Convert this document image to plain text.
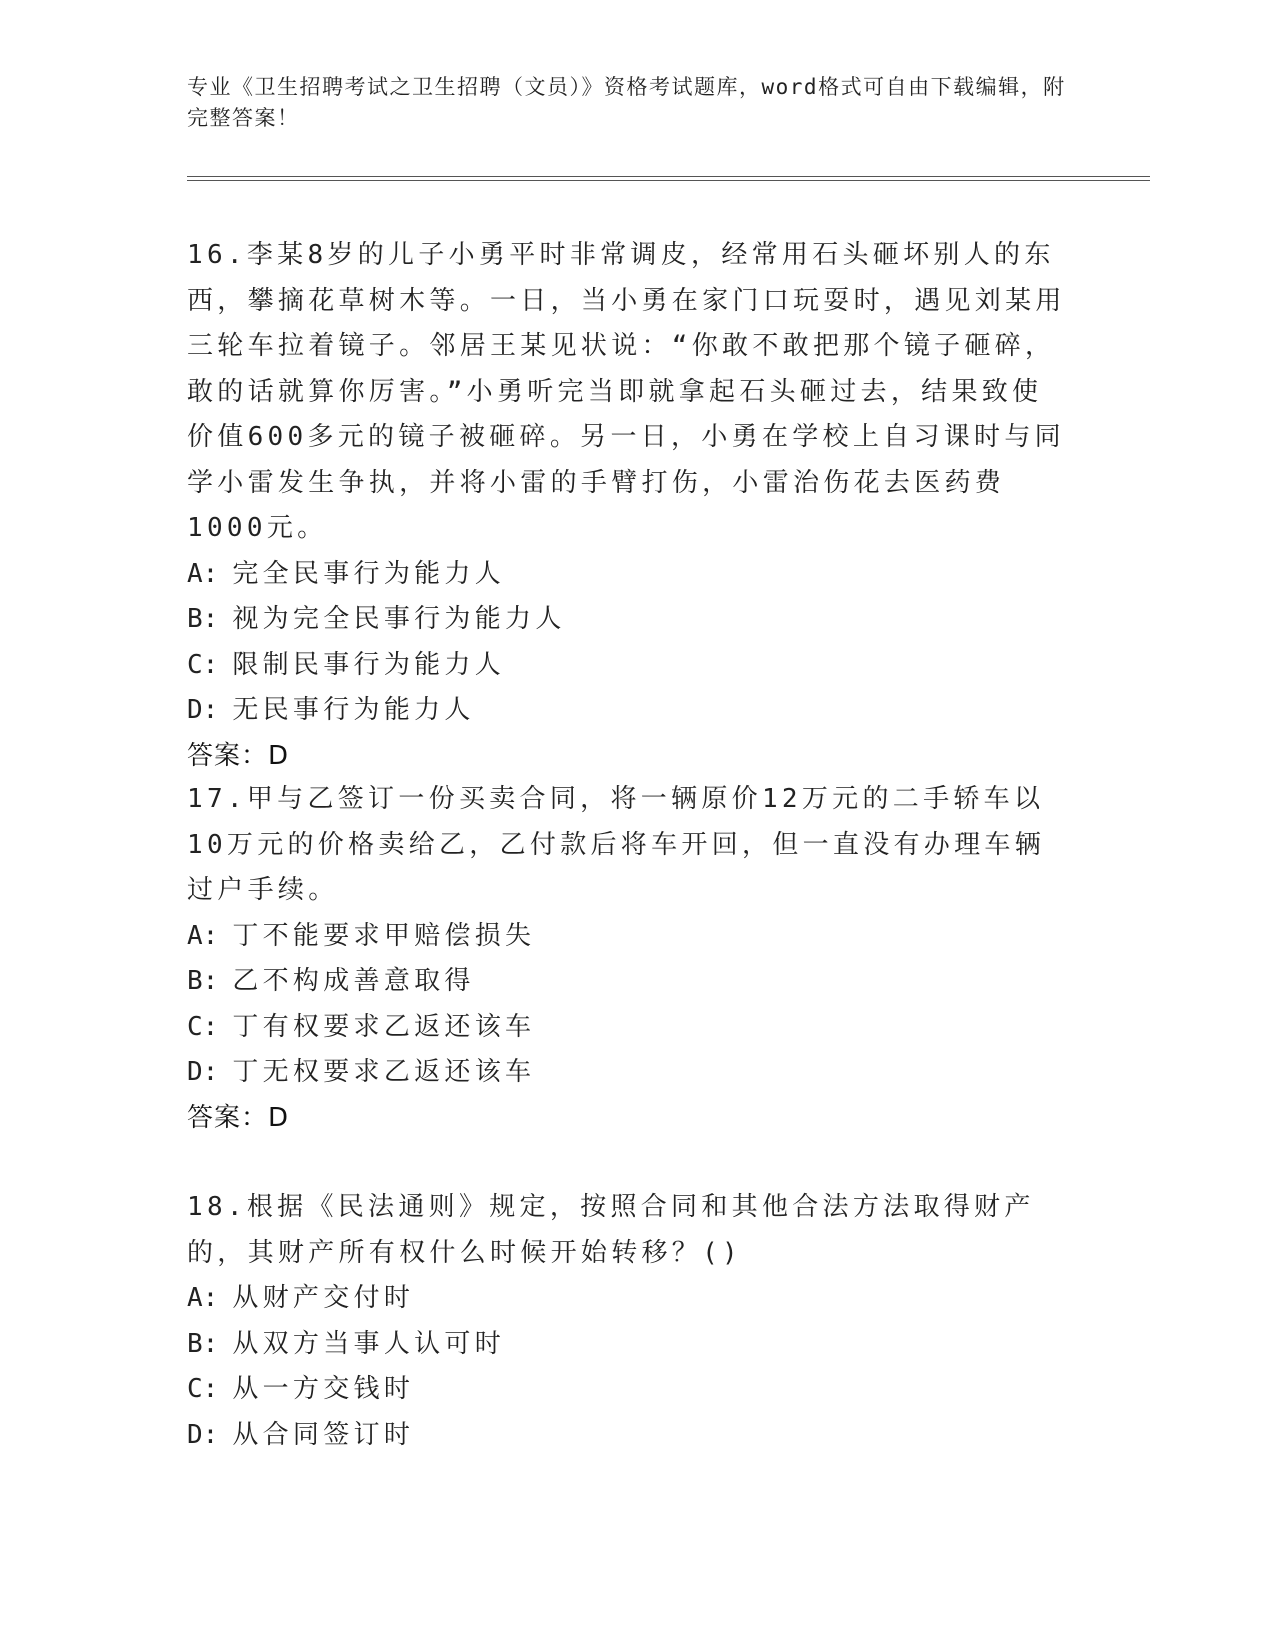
专业《卫生招聘考试之卫生招聘（文员）》资格考试题库，word格式可自由下载编辑，附完整答案！

16.李某8岁的儿子小勇平时非常调皮，经常用石头砸坏别人的东西，攀摘花草树木等。一日，当小勇在家门口玩耍时，遇见刘某用三轮车拉着镜子。邻居王某见状说：“你敢不敢把那个镜子砸碎，敢的话就算你厉害。”小勇听完当即就拿起石头砸过去，结果致使价值600多元的镜子被砸碎。另一日，小勇在学校上自习课时与同学小雷发生争执，并将小雷的手臂打伤，小雷治伤花去医药费1000元。

A: 完全民事行为能力人
B: 视为完全民事行为能力人
C: 限制民事行为能力人
D: 无民事行为能力人
答案：D

17.甲与乙签订一份买卖合同，将一辆原价12万元的二手轿车以10万元的价格卖给乙，乙付款后将车开回，但一直没有办理车辆过户手续。

A: 丁不能要求甲赔偿损失
B: 乙不构成善意取得
C: 丁有权要求乙返还该车
D: 丁无权要求乙返还该车
答案：D

18.根据《民法通则》规定，按照合同和其他合法方法取得财产的，其财产所有权什么时候开始转移？()

A: 从财产交付时
B: 从双方当事人认可时
C: 从一方交钱时
D: 从合同签订时
